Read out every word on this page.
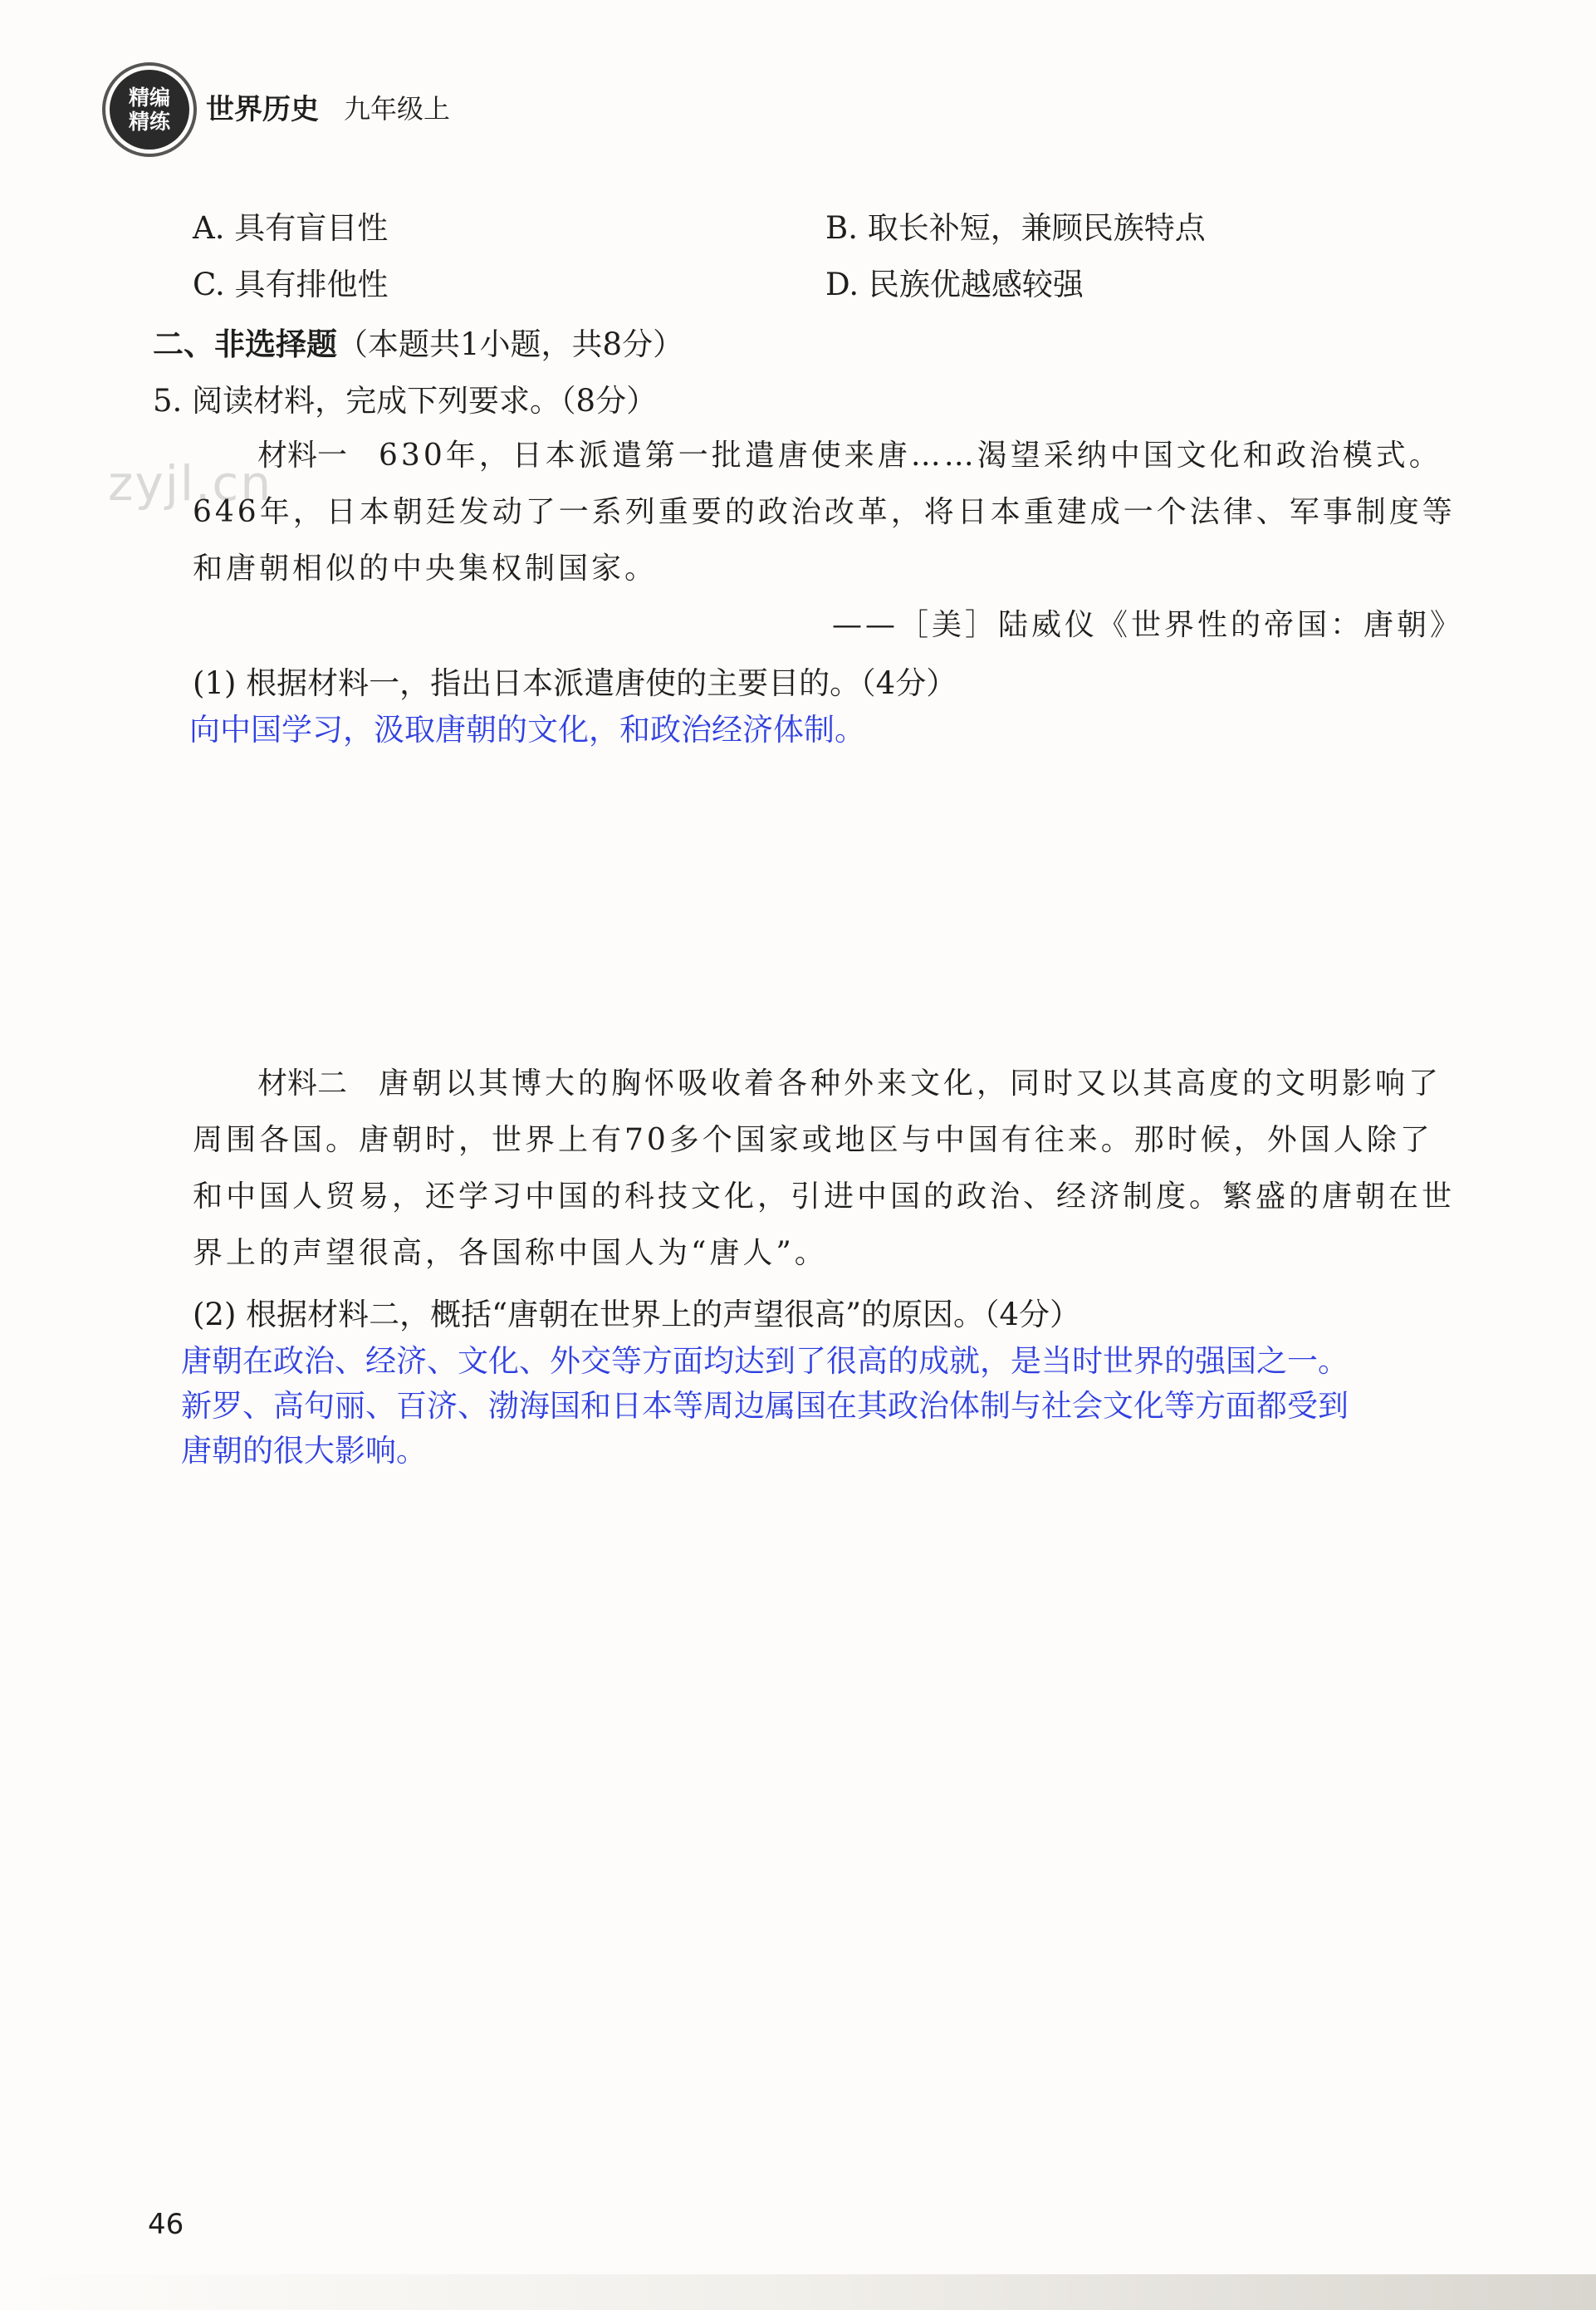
精编
精练 世界历史 九年级上
A. 具有盲目性	B. 取长补短，兼顾民族特点
C. 具有排他性	D. 民族优越感较强
二、非选择题（本题共1小题，共8分）
5. 阅读材料，完成下列要求。（8分）
zyjl.cn
材料一 630年，日本派遣第一批遣唐使来唐……渴望采纳中国文化和政治模式。
646年，日本朝廷发动了一系列重要的政治改革，将日本重建成一个法律、军事制度等
和唐朝相似的中央集权制国家。
——［美］陆威仪《世界性的帝国：唐朝》
(1) 根据材料一，指出日本派遣唐使的主要目的。（4分）
向中国学习，汲取唐朝的文化，和政治经济体制。
材料二 唐朝以其博大的胸怀吸收着各种外来文化，同时又以其高度的文明影响了
周围各国。唐朝时，世界上有70多个国家或地区与中国有往来。那时候，外国人除了
和中国人贸易，还学习中国的科技文化，引进中国的政治、经济制度。繁盛的唐朝在世
界上的声望很高，各国称中国人为“唐人”。
(2) 根据材料二，概括“唐朝在世界上的声望很高”的原因。（4分）
唐朝在政治、经济、文化、外交等方面均达到了很高的成就，是当时世界的强国之一。
新罗、高句丽、百济、渤海国和日本等周边属国在其政治体制与社会文化等方面都受到
唐朝的很大影响。
46
